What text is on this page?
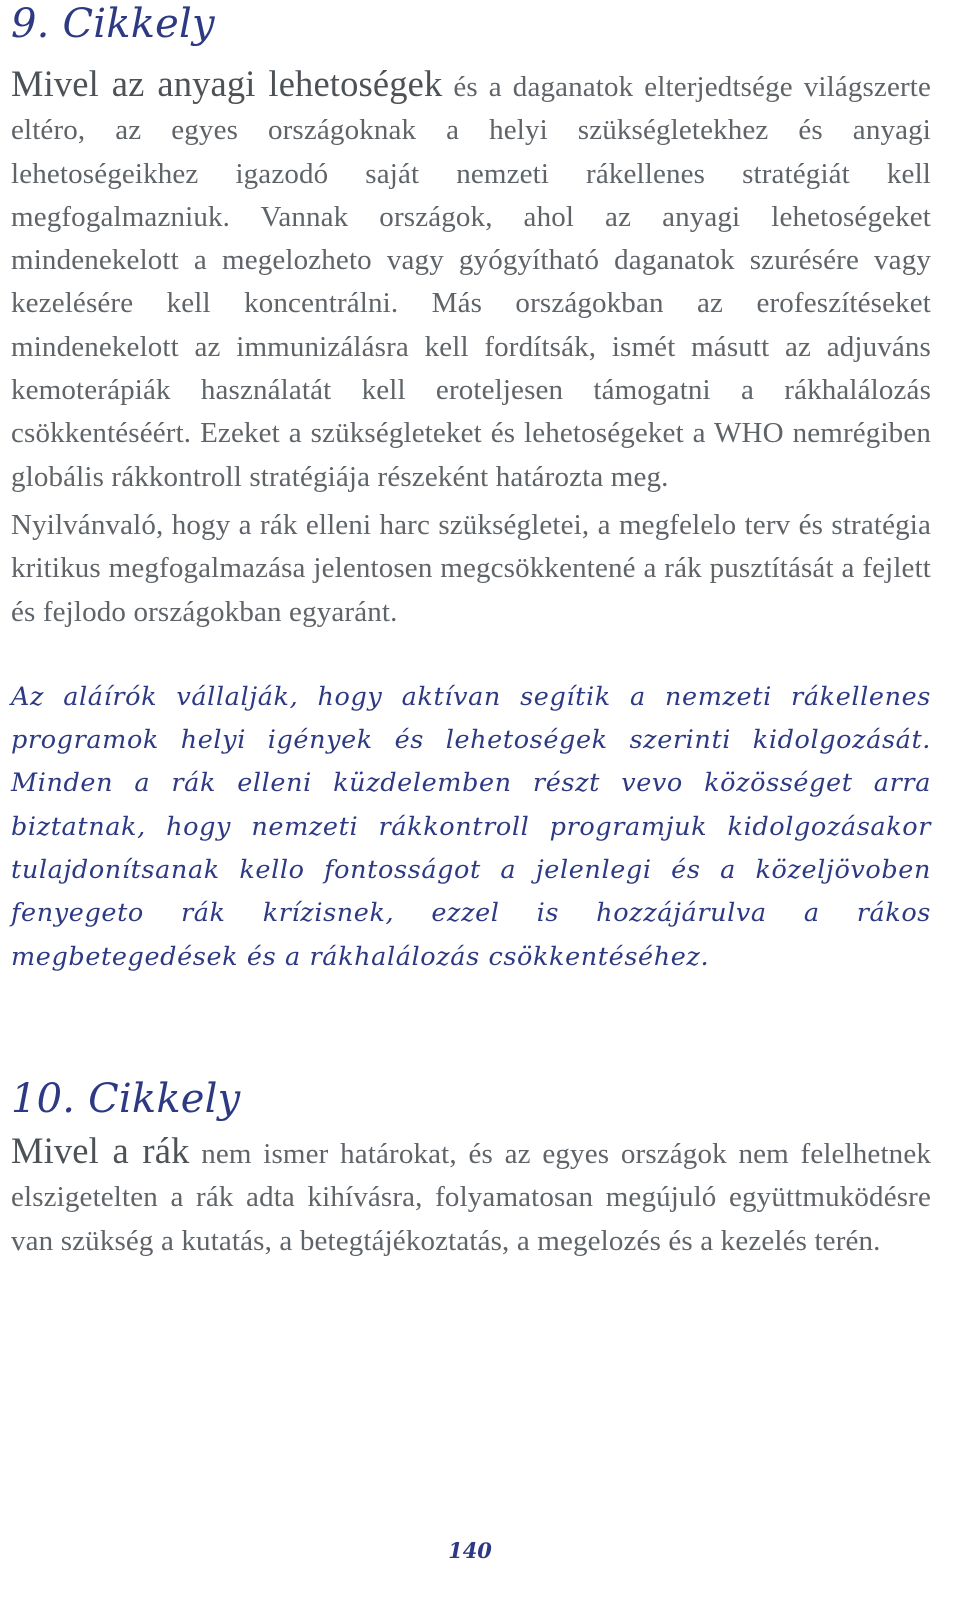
9. Cikkely

Mivel az anyagi lehetoségek és a daganatok elterjedtsége világszerte eltéro, az egyes országoknak a helyi szükségletekhez és anyagi lehetoségeikhez igazodó saját nemzeti rákellenes stratégiát kell megfogalmazniuk. Vannak országok, ahol az anyagi lehetoségeket mindenekelott a megelozheto vagy gyógyítható daganatok szurésére vagy kezelésére kell koncentrálni. Más országokban az erofeszítéseket mindenekelott az immunizálásra kell fordítsák, ismét másutt az adjuváns kemoterápiák használatát kell eroteljesen támogatni a rákhalálozás csökkentéséért. Ezeket a szükségleteket és lehetoségeket a WHO nemrégiben globális rákkontroll stratégiája részeként határozta meg.

Nyilvánvaló, hogy a rák elleni harc szükségletei, a megfelelo terv és stratégia kritikus megfogalmazása jelentosen megcsökkentené a rák pusztítását a fejlett és fejlodo országokban egyaránt.

Az aláírók vállalják, hogy aktívan segítik a nemzeti rákellenes programok helyi igények és lehetoségek szerinti kidolgozását. Minden a rák elleni küzdelemben részt vevo közösséget arra biztatnak, hogy nemzeti rákkontroll programjuk kidolgozásakor tulajdonítsanak kello fontosságot a jelenlegi és a közeljövoben fenyegeto rák krízisnek, ezzel is hozzájárulva a rákos megbetegedések és a rákhalálozás csökkentéséhez.

10. Cikkely

Mivel a rák nem ismer határokat, és az egyes országok nem felelhetnek elszigetelten a rák adta kihívásra, folyamatosan megújuló együttmuködésre van szükség a kutatás, a betegtájékoztatás, a megelozés és a kezelés terén.

140
